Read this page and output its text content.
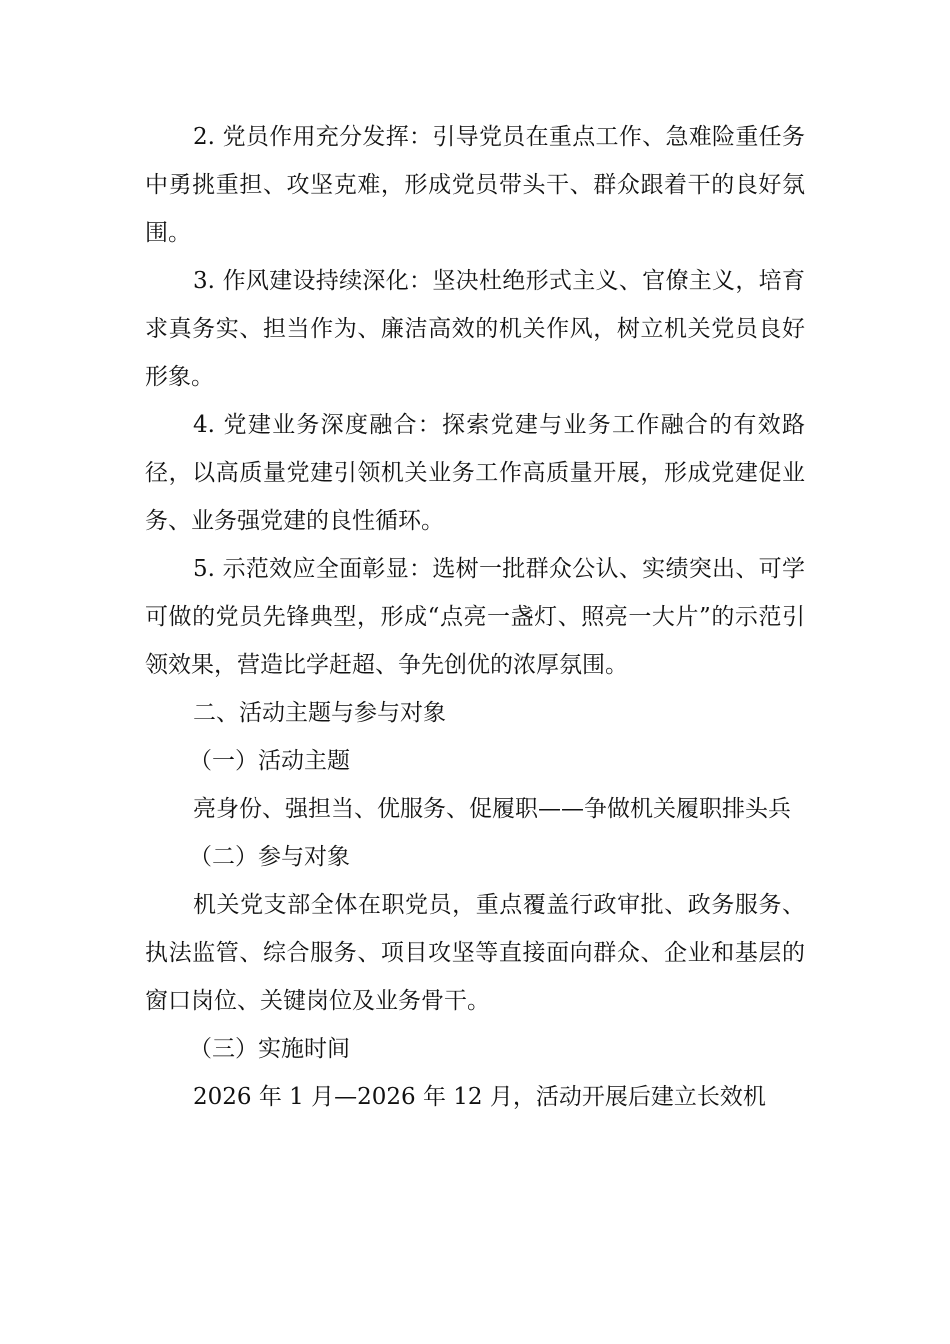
2. 党员作用充分发挥：引导党员在重点工作、急难险重任务中勇挑重担、攻坚克难，形成党员带头干、群众跟着干的良好氛围。

3. 作风建设持续深化：坚决杜绝形式主义、官僚主义，培育求真务实、担当作为、廉洁高效的机关作风，树立机关党员良好形象。

4. 党建业务深度融合：探索党建与业务工作融合的有效路径，以高质量党建引领机关业务工作高质量开展，形成党建促业务、业务强党建的良性循环。

5. 示范效应全面彰显：选树一批群众公认、实绩突出、可学可做的党员先锋典型，形成“点亮一盏灯、照亮一大片”的示范引领效果，营造比学赶超、争先创优的浓厚氛围。

二、活动主题与参与对象

（一）活动主题

亮身份、强担当、优服务、促履职——争做机关履职排头兵

（二）参与对象

机关党支部全体在职党员，重点覆盖行政审批、政务服务、执法监管、综合服务、项目攻坚等直接面向群众、企业和基层的窗口岗位、关键岗位及业务骨干。

（三）实施时间

2026 年 1 月—2026 年 12 月，活动开展后建立长效机
